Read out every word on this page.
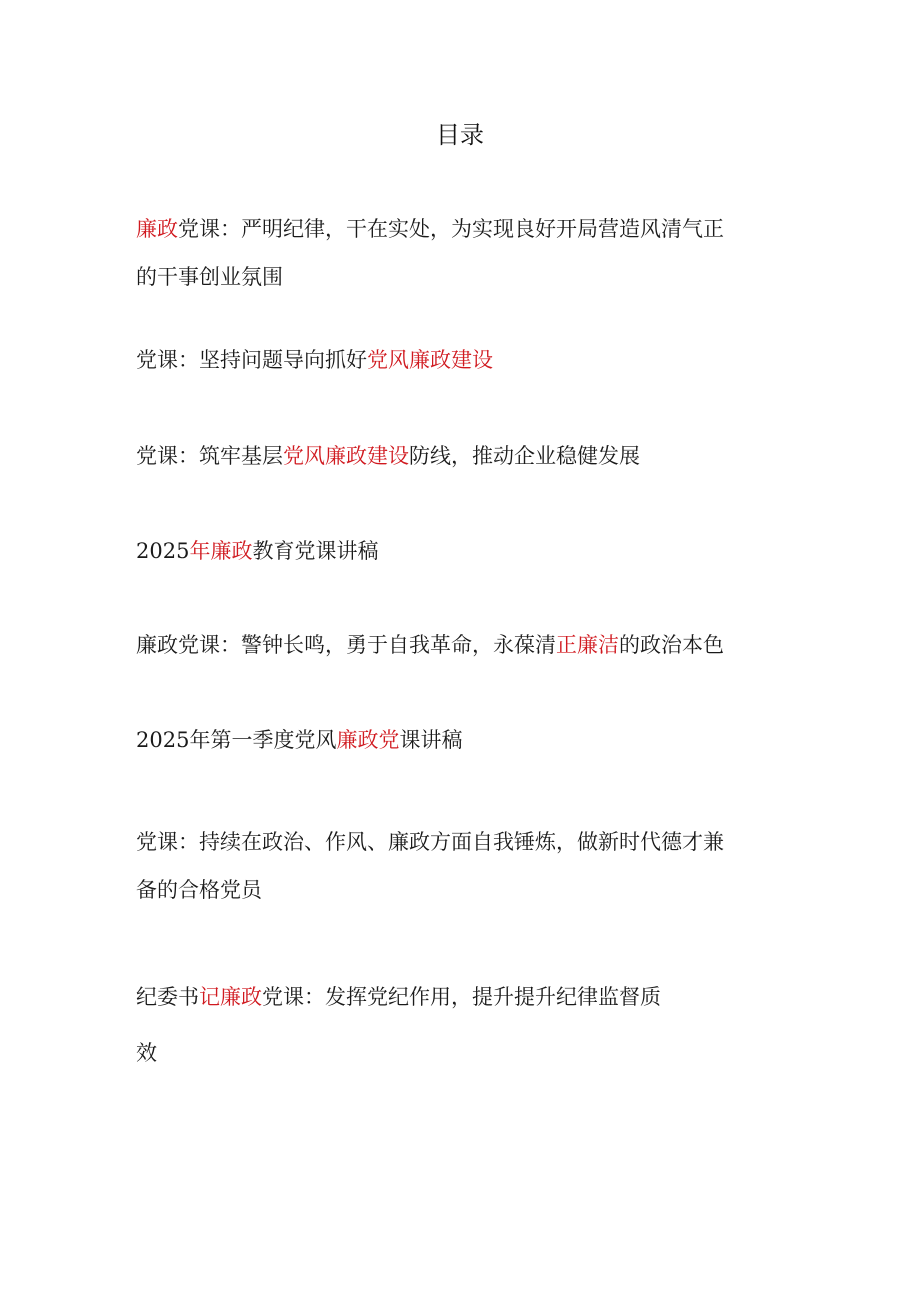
目录

廉政党课：严明纪律，干在实处，为实现良好开局营造风清气正
的干事创业氛围

党课：坚持问题导向抓好党风廉政建设

党课：筑牢基层党风廉政建设防线，推动企业稳健发展

2025年廉政教育党课讲稿

廉政党课：警钟长鸣，勇于自我革命，永葆清正廉洁的政治本色

2025年第一季度党风廉政党课讲稿

党课：持续在政治、作风、廉政方面自我锤炼，做新时代德才兼
备的合格党员

纪委书记廉政党课：发挥党纪作用，提升提升纪律监督质
效
